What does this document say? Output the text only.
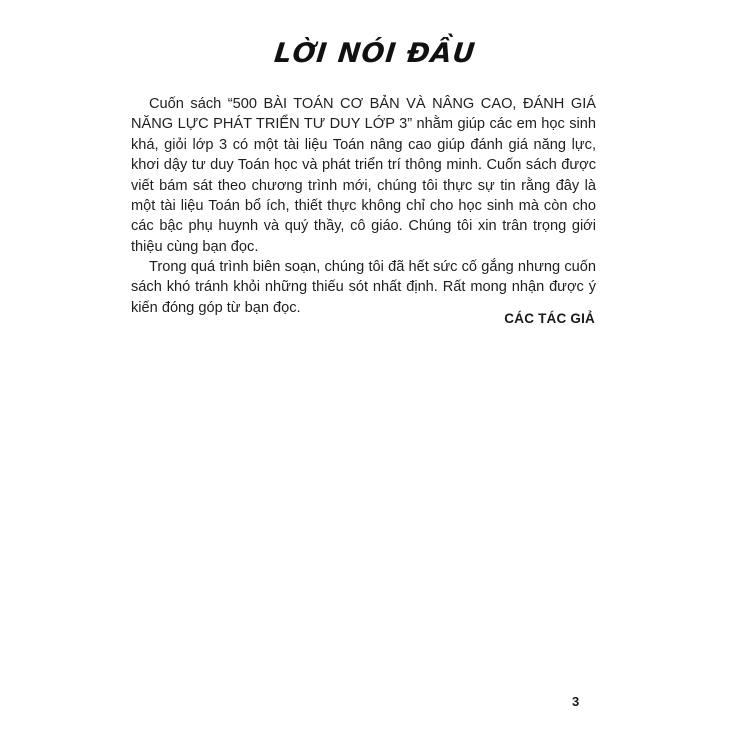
LỜI NÓI ĐẦU

Cuốn sách “500 BÀI TOÁN CƠ BẢN VÀ NÂNG CAO, ĐÁNH GIÁ NĂNG LỰC PHÁT TRIỂN TƯ DUY LỚP 3” nhằm giúp các em học sinh khá, giỏi lớp 3 có một tài liệu Toán nâng cao giúp đánh giá năng lực, khơi dậy tư duy Toán học và phát triển trí thông minh. Cuốn sách được viết bám sát theo chương trình mới, chúng tôi thực sự tin rằng đây là một tài liệu Toán bổ ích, thiết thực không chỉ cho học sinh mà còn cho các bậc phụ huynh và quý thầy, cô giáo. Chúng tôi xin trân trọng giới thiệu cùng bạn đọc.

Trong quá trình biên soạn, chúng tôi đã hết sức cố gắng nhưng cuốn sách khó tránh khỏi những thiếu sót nhất định. Rất mong nhận được ý kiến đóng góp từ bạn đọc.

CÁC TÁC GIẢ
3
